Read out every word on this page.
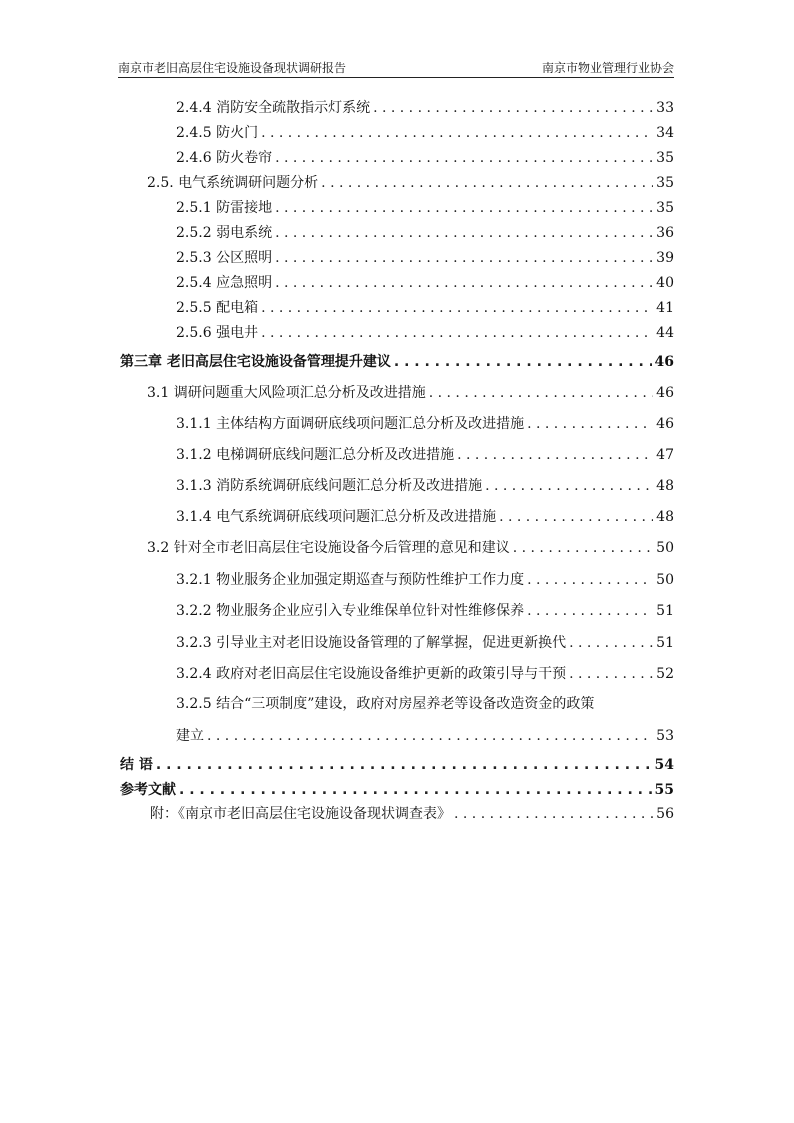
南京市老旧高层住宅设施设备现状调研报告	南京市物业管理行业协会
2.4.4 消防安全疏散指示灯系统 . . .	33
2.4.5 防火门 . . .	34
2.4.6 防火卷帘 . . .	35
2.5. 电气系统调研问题分析 . . .	35
2.5.1 防雷接地 . . .	35
2.5.2 弱电系统 . . .	36
2.5.3 公区照明 . . .	39
2.5.4 应急照明 . . .	40
2.5.5 配电箱 . . .	41
2.5.6 强电井 . . .	44
第三章 老旧高层住宅设施设备管理提升建议 . . .	46
3.1 调研问题重大风险项汇总分析及改进措施 . . .	46
3.1.1 主体结构方面调研底线项问题汇总分析及改进措施 . . .	46
3.1.2 电梯调研底线问题汇总分析及改进措施 . . .	47
3.1.3 消防系统调研底线问题汇总分析及改进措施 . . .	48
3.1.4 电气系统调研底线项问题汇总分析及改进措施 . . .	48
3.2 针对全市老旧高层住宅设施设备今后管理的意见和建议 . . .	50
3.2.1 物业服务企业加强定期巡查与预防性维护工作力度 . . .	50
3.2.2 物业服务企业应引入专业维保单位针对性维修保养 . . .	51
3.2.3 引导业主对老旧设施设备管理的了解掌握，促进更新换代 . . .	51
3.2.4 政府对老旧高层住宅设施设备维护更新的政策引导与干预 . . .	52
3.2.5 结合“三项制度”建设，政府对房屋养老等设备改造资金的政策
建立 . . .	53
结 语 . . .	54
参考文献 . . .	55
附：《南京市老旧高层住宅设施设备现状调查表》 . . .	56
